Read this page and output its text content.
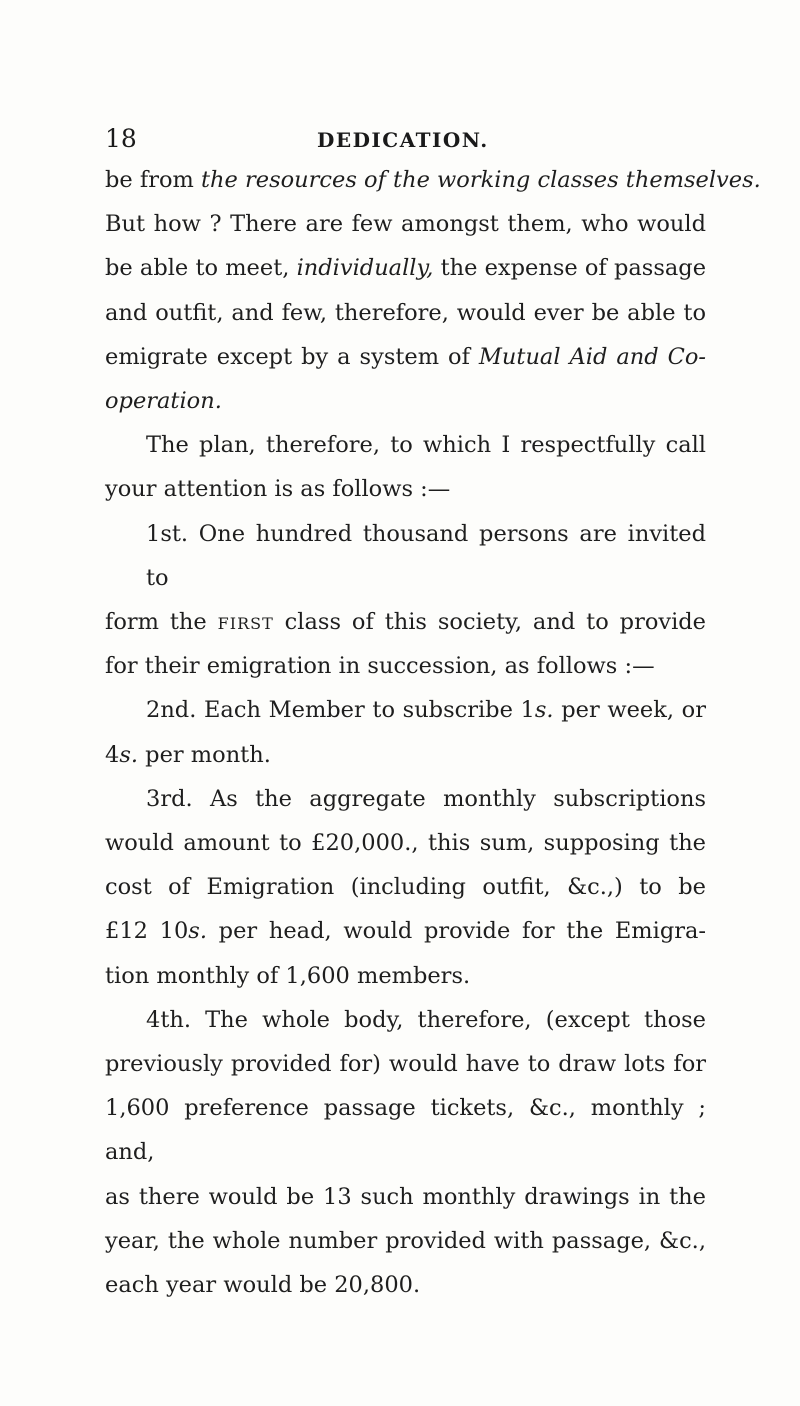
18	DEDICATION.
be from the resources of the working classes themselves.
But how ? There are few amongst them, who would
be able to meet, individually, the expense of passage
and outfit, and few, therefore, would ever be able to
emigrate except by a system of Mutual Aid and Co-
operation.
The plan, therefore, to which I respectfully call
your attention is as follows :—
1st. One hundred thousand persons are invited to
form the first class of this society, and to provide
for their emigration in succession, as follows :—
2nd. Each Member to subscribe 1s. per week, or
4s. per month.
3rd. As the aggregate monthly subscriptions
would amount to £20,000., this sum, supposing the
cost of Emigration (including outfit, &c.,) to be
£12 10s. per head, would provide for the Emigra-
tion monthly of 1,600 members.
4th. The whole body, therefore, (except those
previously provided for) would have to draw lots for
1,600 preference passage tickets, &c., monthly ; and,
as there would be 13 such monthly drawings in the
year, the whole number provided with passage, &c.,
each year would be 20,800.
